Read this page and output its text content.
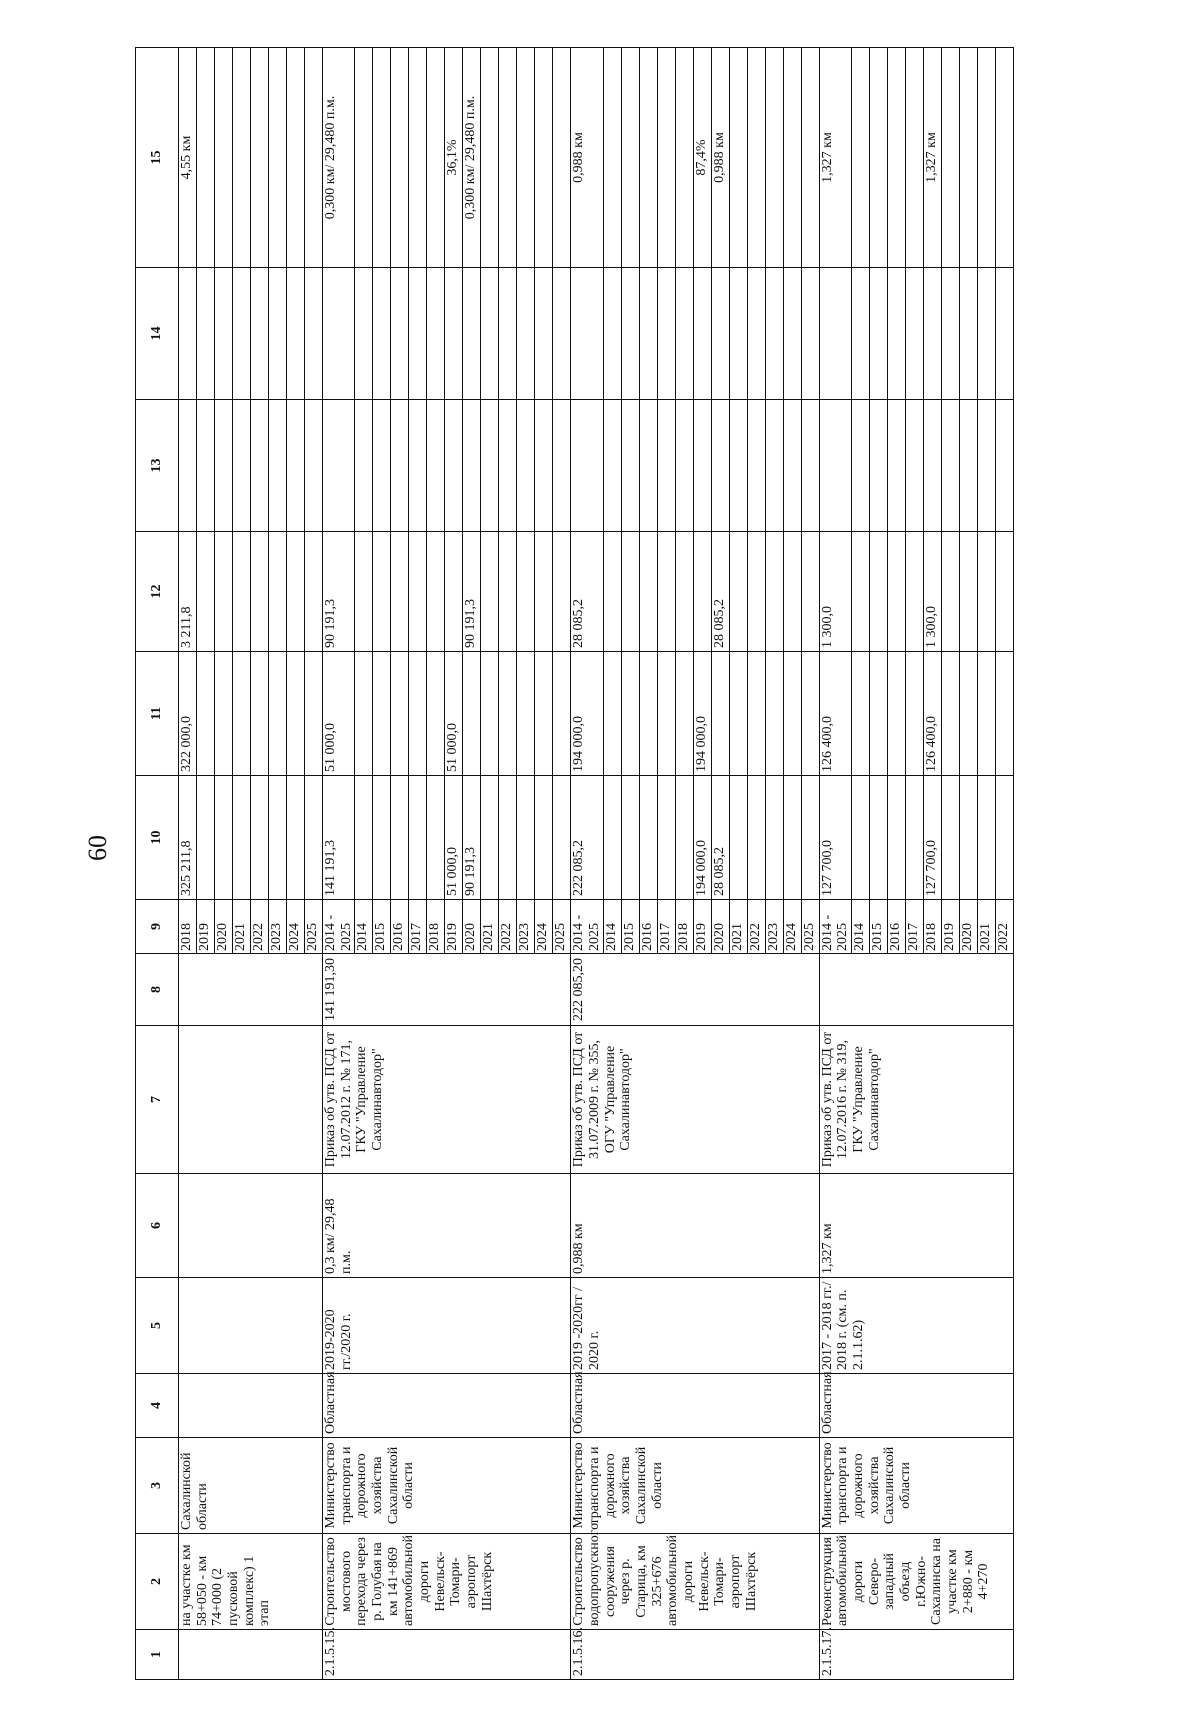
60
1	2	3	4	5	6	7	8	9	10	11	12	13	14	15
	на участке км 58+050 - км 74+000 (2 пусковой комплекс) 1 этап	Сахалинской области						2018	325 211,8	322 000,0	3 211,8			4,55 км
								2019						
								2020						
								2021						
								2022						
								2023						
								2024						
								2025						
2.1.5.15.	Строительство мостового перехода через р. Голубая на км 141+869 автомобильной дороги Невельск-Томари-аэропорт Шахтёрск	Министерство транспорта и дорожного хозяйства Сахалинской области	Областная	2019-2020 гг./2020 г.	0,3 км/ 29,48 п.м.	Приказ об утв. ПСД от 12.07.2012 г. № 171, ГКУ "Управление Сахалинавтодор"	141 191,30	2014 - 2025	141 191,3	51 000,0	90 191,3			0,300 км/ 29,480 п.м.
								2014						
								2015						
								2016						
								2017						
								2018						
								2019	51 000,0	51 000,0				36,1%
								2020	90 191,3		90 191,3			0,300 км/ 29,480 п.м.
								2021						
								2022						
								2023						
								2024						
								2025						
2.1.5.16.	Строительство водопропускного сооружения через р. Старица, км 325+676 автомобильной дороги Невельск-Томари-аэропорт Шахтёрск	Министерство транспорта и дорожного хозяйства Сахалинской области	Областная	2019 -2020гг / 2020 г.	0,988 км	Приказ об утв. ПСД от 31.07.2009 г. № 355, ОГУ "Управление Сахалинавтодор"	222 085,20	2014 - 2025	222 085,2	194 000,0	28 085,2			0,988 км
								2014						
								2015						
								2016						
								2017						
								2018						
								2019	194 000,0	194 000,0				87,4%
								2020	28 085,2		28 085,2			0,988 км
								2021						
								2022						
								2023						
								2024						
								2025						
2.1.5.17.	Реконструкция автомобильной дороги Северо-западный объезд г.Южно-Сахалинска на участке км 2+880 - км 4+270	Министерство транспорта и дорожного хозяйства Сахалинской области	Областная	2017 - 2018 гг./ 2018 г. (см. п. 2.1.1.62)	1,327 км	Приказ об утв. ПСД от 12.07.2016 г. № 319, ГКУ "Управление Сахалинавтодор"		2014 - 2025	127 700,0	126 400,0	1 300,0			1,327 км
								2014						
								2015						
								2016						
								2017						
								2018	127 700,0	126 400,0	1 300,0			1,327 км
								2019						
								2020						
								2021						
								2022						
